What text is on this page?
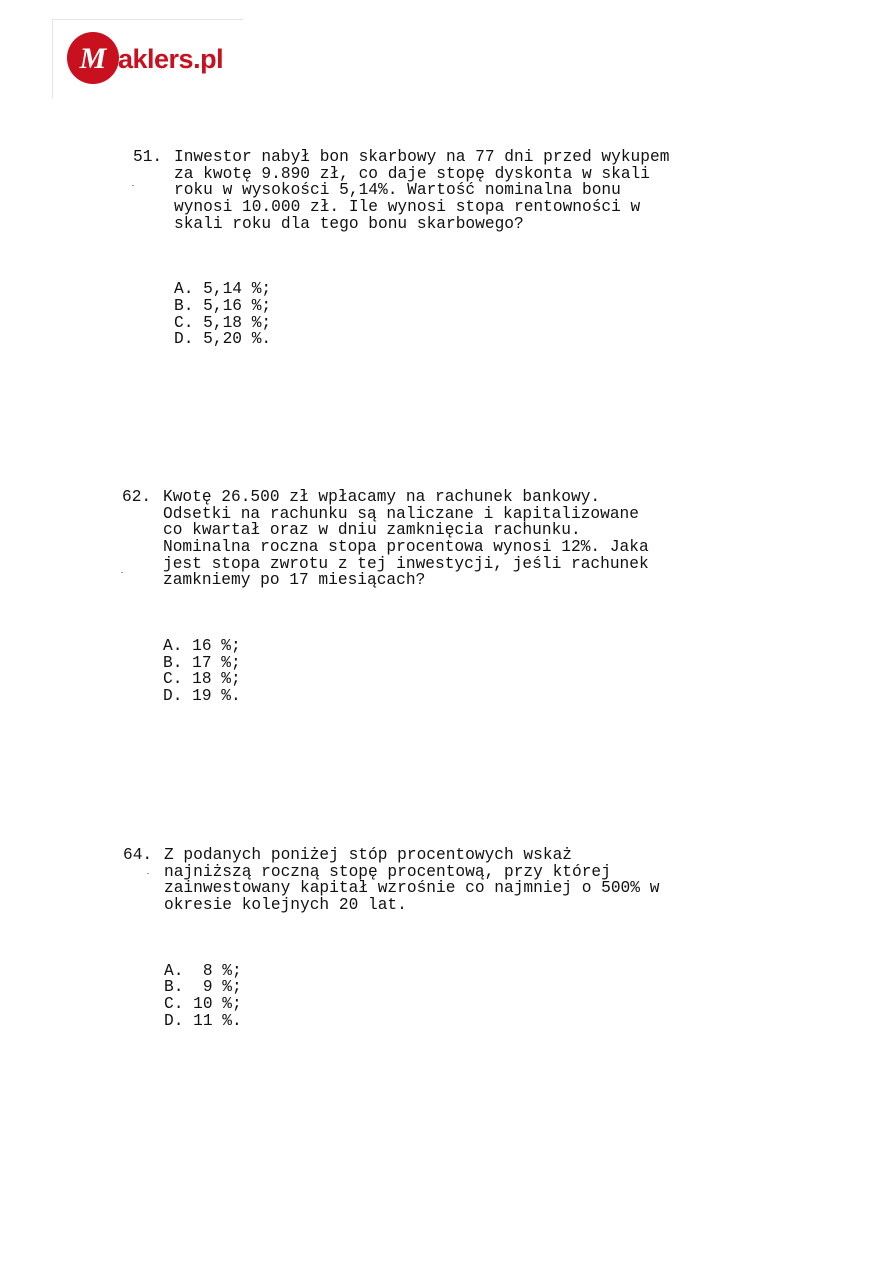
M aklers.pl

51. Inwestor nabył bon skarbowy na 77 dni przed wykupem
za kwotę 9.890 zł, co daje stopę dyskonta w skali
roku w wysokości 5,14%. Wartość nominalna bonu
wynosi 10.000 zł. Ile wynosi stopa rentowności w
skali roku dla tego bonu skarbowego?

A. 5,14 %;
B. 5,16 %;
C. 5,18 %;
D. 5,20 %.

62. Kwotę 26.500 zł wpłacamy na rachunek bankowy.
Odsetki na rachunku są naliczane i kapitalizowane
co kwartał oraz w dniu zamknięcia rachunku.
Nominalna roczna stopa procentowa wynosi 12%. Jaka
jest stopa zwrotu z tej inwestycji, jeśli rachunek
zamkniemy po 17 miesiącach?

A. 16 %;
B. 17 %;
C. 18 %;
D. 19 %.

64. Z podanych poniżej stóp procentowych wskaż
najniższą roczną stopę procentową, przy której
zainwestowany kapitał wzrośnie co najmniej o 500% w
okresie kolejnych 20 lat.

A.  8 %;
B.  9 %;
C. 10 %;
D. 11 %.
